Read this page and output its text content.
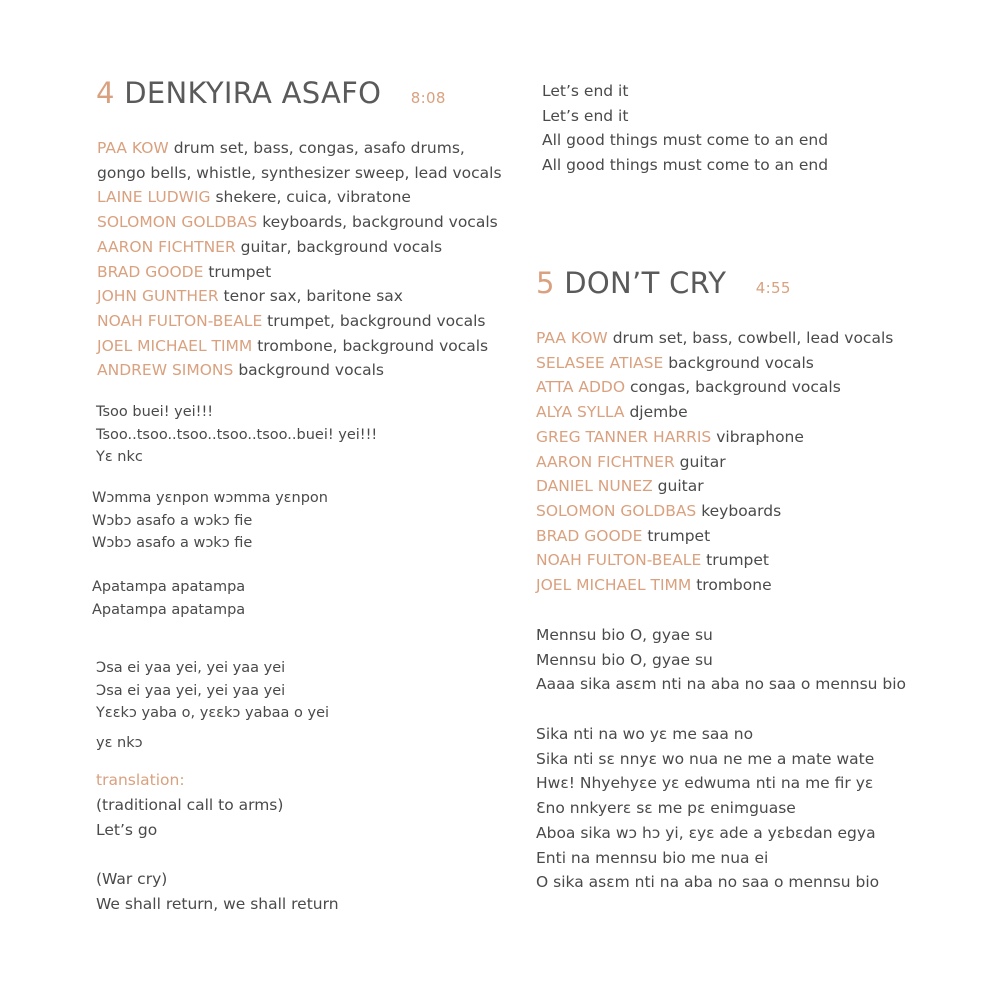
4 DENKYIRA ASAFO 8:08
PAA KOW drum set, bass, congas, asafo drums,
gongo bells, whistle, synthesizer sweep, lead vocals
LAINE LUDWIG shekere, cuica, vibratone
SOLOMON GOLDBAS keyboards, background vocals
AARON FICHTNER guitar, background vocals
BRAD GOODE trumpet
JOHN GUNTHER tenor sax, baritone sax
NOAH FULTON-BEALE trumpet, background vocals
JOEL MICHAEL TIMM trombone, background vocals
ANDREW SIMONS background vocals
Tsoo buei! yei!!!
Tsoo..tsoo..tsoo..tsoo..tsoo..buei! yei!!!
Yɛ nkc
Wɔmma yɛnpon wɔmma yɛnpon
Wɔbɔ asafo a wɔkɔ fie
Wɔbɔ asafo a wɔkɔ fie
Apatampa apatampa
Apatampa apatampa
Ɔsa ei yaa yei, yei yaa yei
Ɔsa ei yaa yei, yei yaa yei
Yɛɛkɔ yaba o, yɛɛkɔ yabaa o yei
yɛ nkɔ
translation:
(traditional call to arms)
Let’s go
(War cry)
We shall return, we shall return
Let’s end it
Let’s end it
All good things must come to an end
All good things must come to an end
5 DON’T CRY 4:55
PAA KOW drum set, bass, cowbell, lead vocals
SELASEE ATIASE background vocals
ATTA ADDO congas, background vocals
ALYA SYLLA djembe
GREG TANNER HARRIS vibraphone
AARON FICHTNER guitar
DANIEL NUNEZ guitar
SOLOMON GOLDBAS keyboards
BRAD GOODE trumpet
NOAH FULTON-BEALE trumpet
JOEL MICHAEL TIMM trombone
Mennsu bio O, gyae su
Mennsu bio O, gyae su
Aaaa sika asɛm nti na aba no saa o mennsu bio
Sika nti na wo yɛ me saa no
Sika nti sɛ nnyɛ wo nua ne me a mate wate
Hwɛ! Nhyehyɛe yɛ edwuma nti na me fir yɛ
Ɛno nnkyerɛ sɛ me pɛ enimguase
Aboa sika wɔ hɔ yi, ɛyɛ ade a yɛbɛdan egya
Enti na mennsu bio me nua ei
O sika asɛm nti na aba no saa o mennsu bio
